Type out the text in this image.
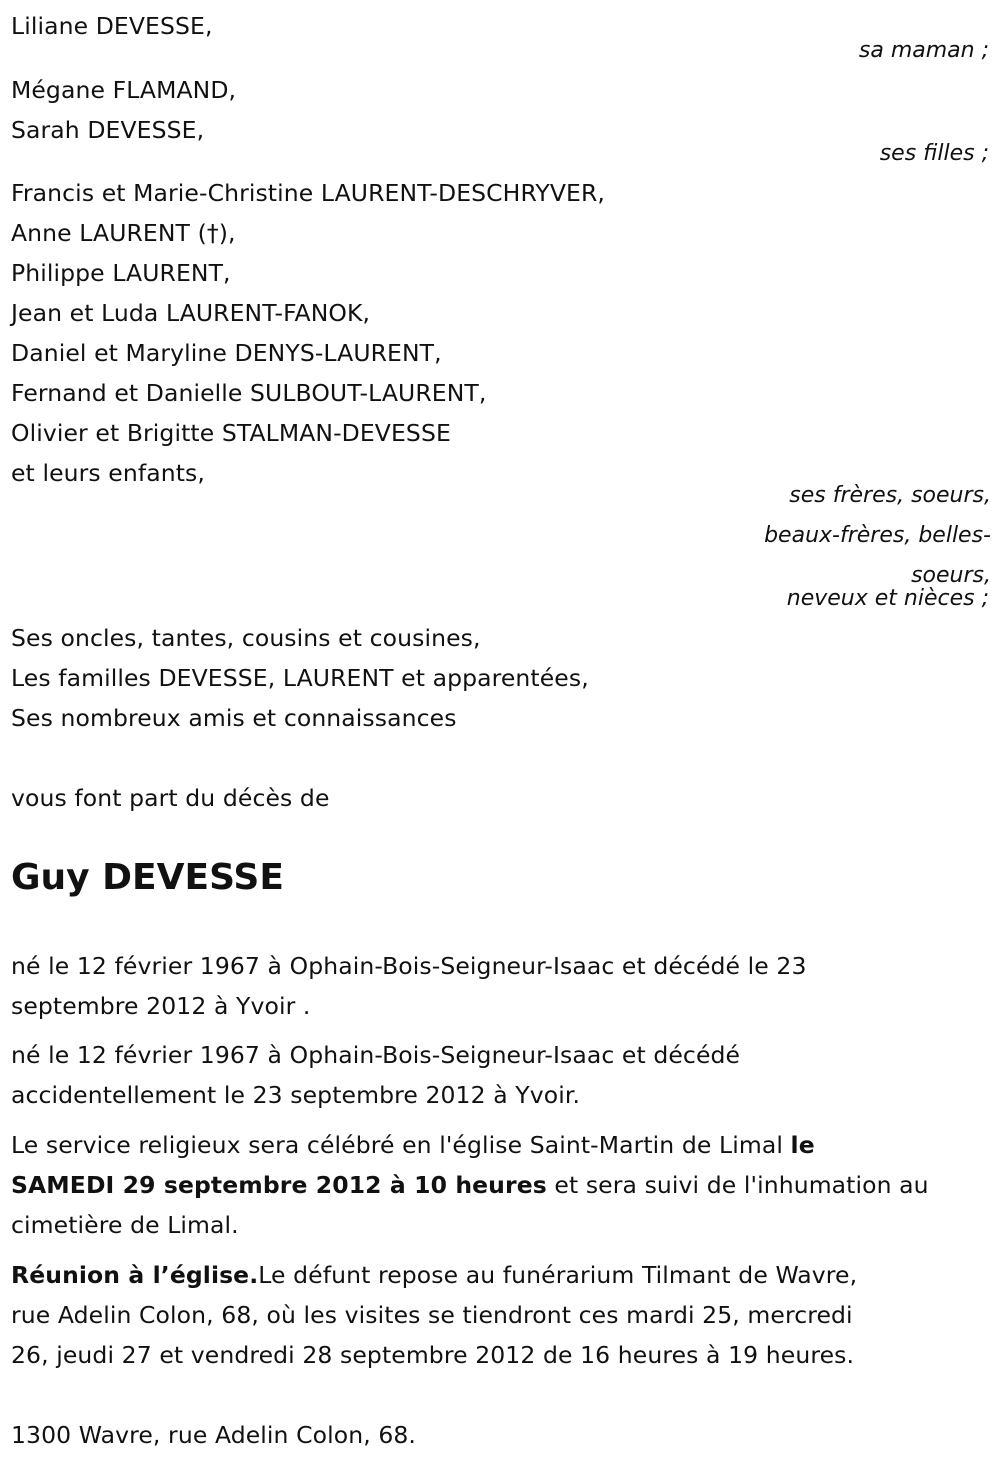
Liliane DEVESSE,
sa maman ;
Mégane FLAMAND,
Sarah DEVESSE,
ses filles ;
Francis et Marie-Christine LAURENT-DESCHRYVER,
Anne LAURENT (†),
Philippe LAURENT,
Jean et Luda LAURENT-FANOK,
Daniel et Maryline DENYS-LAURENT,
Fernand et Danielle SULBOUT-LAURENT,
Olivier et Brigitte STALMAN-DEVESSE
et leurs enfants,
ses frères, soeurs,
beaux-frères, belles-
soeurs,
neveux et nièces ;
Ses oncles, tantes, cousins et cousines,
Les familles DEVESSE, LAURENT et apparentées,
Ses nombreux amis et connaissances
vous font part du décès de
Guy DEVESSE
né le 12 février 1967 à Ophain-Bois-Seigneur-Isaac et décédé le 23
septembre 2012 à Yvoir .
né le 12 février 1967 à Ophain-Bois-Seigneur-Isaac et décédé
accidentellement le 23 septembre 2012 à Yvoir.
Le service religieux sera célébré en l'église Saint-Martin de Limal le
SAMEDI 29 septembre 2012 à 10 heures et sera suivi de l'inhumation au
cimetière de Limal.
Réunion à l’église.Le défunt repose au funérarium Tilmant de Wavre,
rue Adelin Colon, 68, où les visites se tiendront ces mardi 25, mercredi
26, jeudi 27 et vendredi 28 septembre 2012 de 16 heures à 19 heures.
1300 Wavre, rue Adelin Colon, 68.
